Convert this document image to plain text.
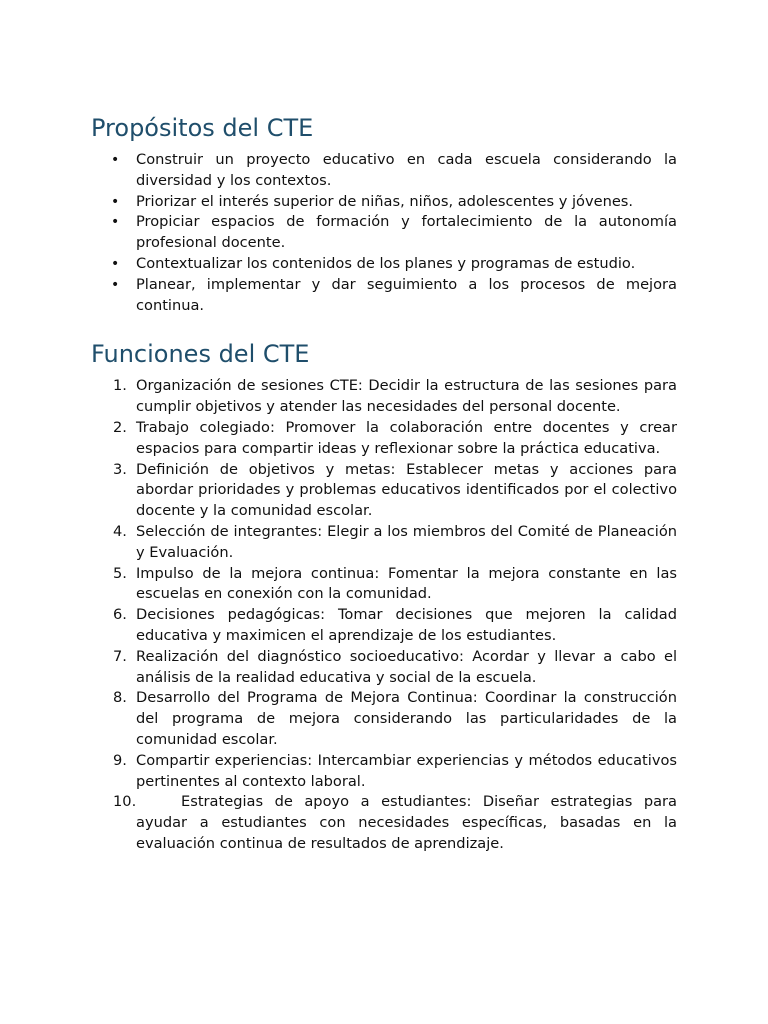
Propósitos del CTE
• Construir un proyecto educativo en cada escuela considerando la diversidad y los contextos.
• Priorizar el interés superior de niñas, niños, adolescentes y jóvenes.
• Propiciar espacios de formación y fortalecimiento de la autonomía profesional docente.
• Contextualizar los contenidos de los planes y programas de estudio.
• Planear, implementar y dar seguimiento a los procesos de mejora continua.
Funciones del CTE
1. Organización de sesiones CTE: Decidir la estructura de las sesiones para cumplir objetivos y atender las necesidades del personal docente.
2. Trabajo colegiado: Promover la colaboración entre docentes y crear espacios para compartir ideas y reflexionar sobre la práctica educativa.
3. Definición de objetivos y metas: Establecer metas y acciones para abordar prioridades y problemas educativos identificados por el colectivo docente y la comunidad escolar.
4. Selección de integrantes: Elegir a los miembros del Comité de Planeación y Evaluación.
5. Impulso de la mejora continua: Fomentar la mejora constante en las escuelas en conexión con la comunidad.
6. Decisiones pedagógicas: Tomar decisiones que mejoren la calidad educativa y maximicen el aprendizaje de los estudiantes.
7. Realización del diagnóstico socioeducativo: Acordar y llevar a cabo el análisis de la realidad educativa y social de la escuela.
8. Desarrollo del Programa de Mejora Continua: Coordinar la construcción del programa de mejora considerando las particularidades de la comunidad escolar.
9. Compartir experiencias: Intercambiar experiencias y métodos educativos pertinentes al contexto laboral.
10.	Estrategias de apoyo a estudiantes: Diseñar estrategias para ayudar a estudiantes con necesidades específicas, basadas en la evaluación continua de resultados de aprendizaje.
